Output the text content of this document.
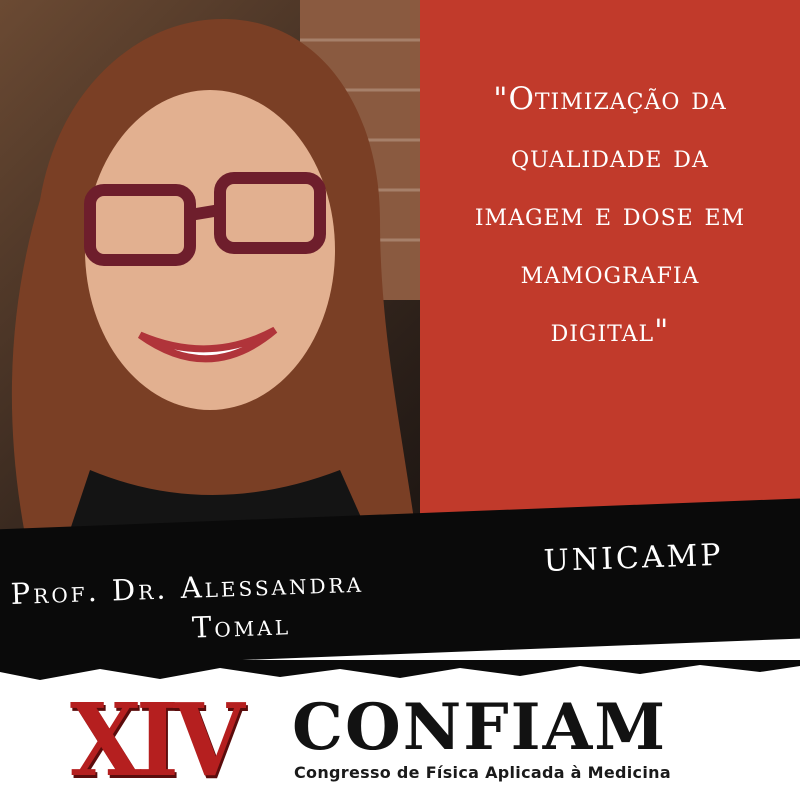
"Otimização da
qualidade da
imagem e dose em
mamografia
digital"
Prof. Dr. Alessandra
Tomal
UNICAMP
XIV CONFIAM
Congresso de Física Aplicada à Medicina
